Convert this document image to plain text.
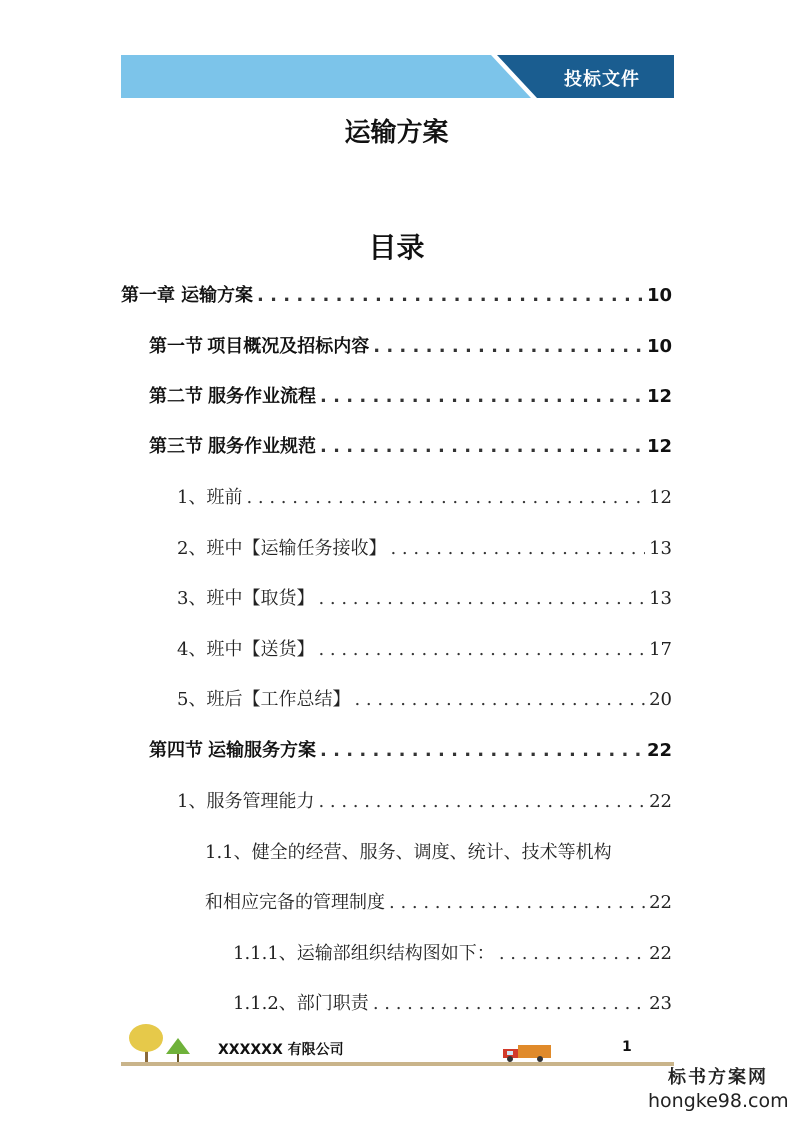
投标文件
运输方案
目录
第一章 运输方案 . . .	10
第一节 项目概况及招标内容 . . .	10
第二节 服务作业流程 . . .	12
第三节 服务作业规范 . . .	12
1、班前 . . .	12
2、班中【运输任务接收】 . . .	13
3、班中【取货】 . . .	13
4、班中【送货】 . . .	17
5、班后【工作总结】 . . .	20
第四节 运输服务方案 . . .	22
1、服务管理能力 . . .	22
1.1、健全的经营、服务、调度、统计、技术等机构
和相应完备的管理制度 . . .	22
1.1.1、运输部组织结构图如下： . . .	22
1.1.2、部门职责 . . .	23
XXXXXX 有限公司	1
标书方案网
hongke98.com
